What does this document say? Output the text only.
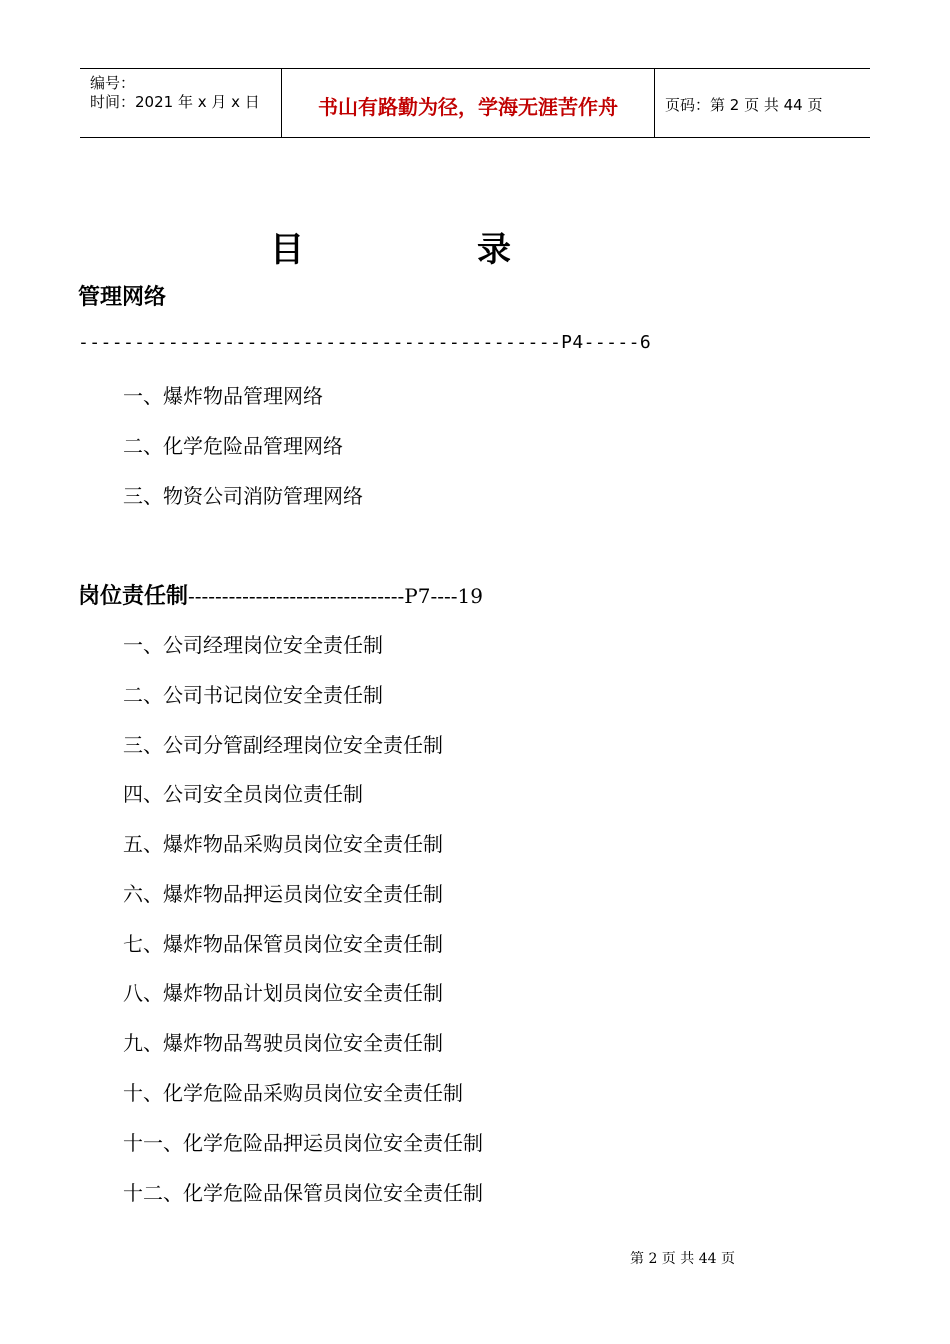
编号：
时间：2021 年 x 月 x 日	书山有路勤为径，学海无涯苦作舟	页码：第 2 页 共 44 页
目	录
管理网络
-------------------------------------------P4-----6
一、爆炸物品管理网络
二、化学危险品管理网络
三、物资公司消防管理网络
岗位责任制--------------------------------P7----19
一、公司经理岗位安全责任制
二、公司书记岗位安全责任制
三、公司分管副经理岗位安全责任制
四、公司安全员岗位责任制
五、爆炸物品采购员岗位安全责任制
六、爆炸物品押运员岗位安全责任制
七、爆炸物品保管员岗位安全责任制
八、爆炸物品计划员岗位安全责任制
九、爆炸物品驾驶员岗位安全责任制
十、化学危险品采购员岗位安全责任制
十一、化学危险品押运员岗位安全责任制
十二、化学危险品保管员岗位安全责任制
第 2 页 共 44 页
